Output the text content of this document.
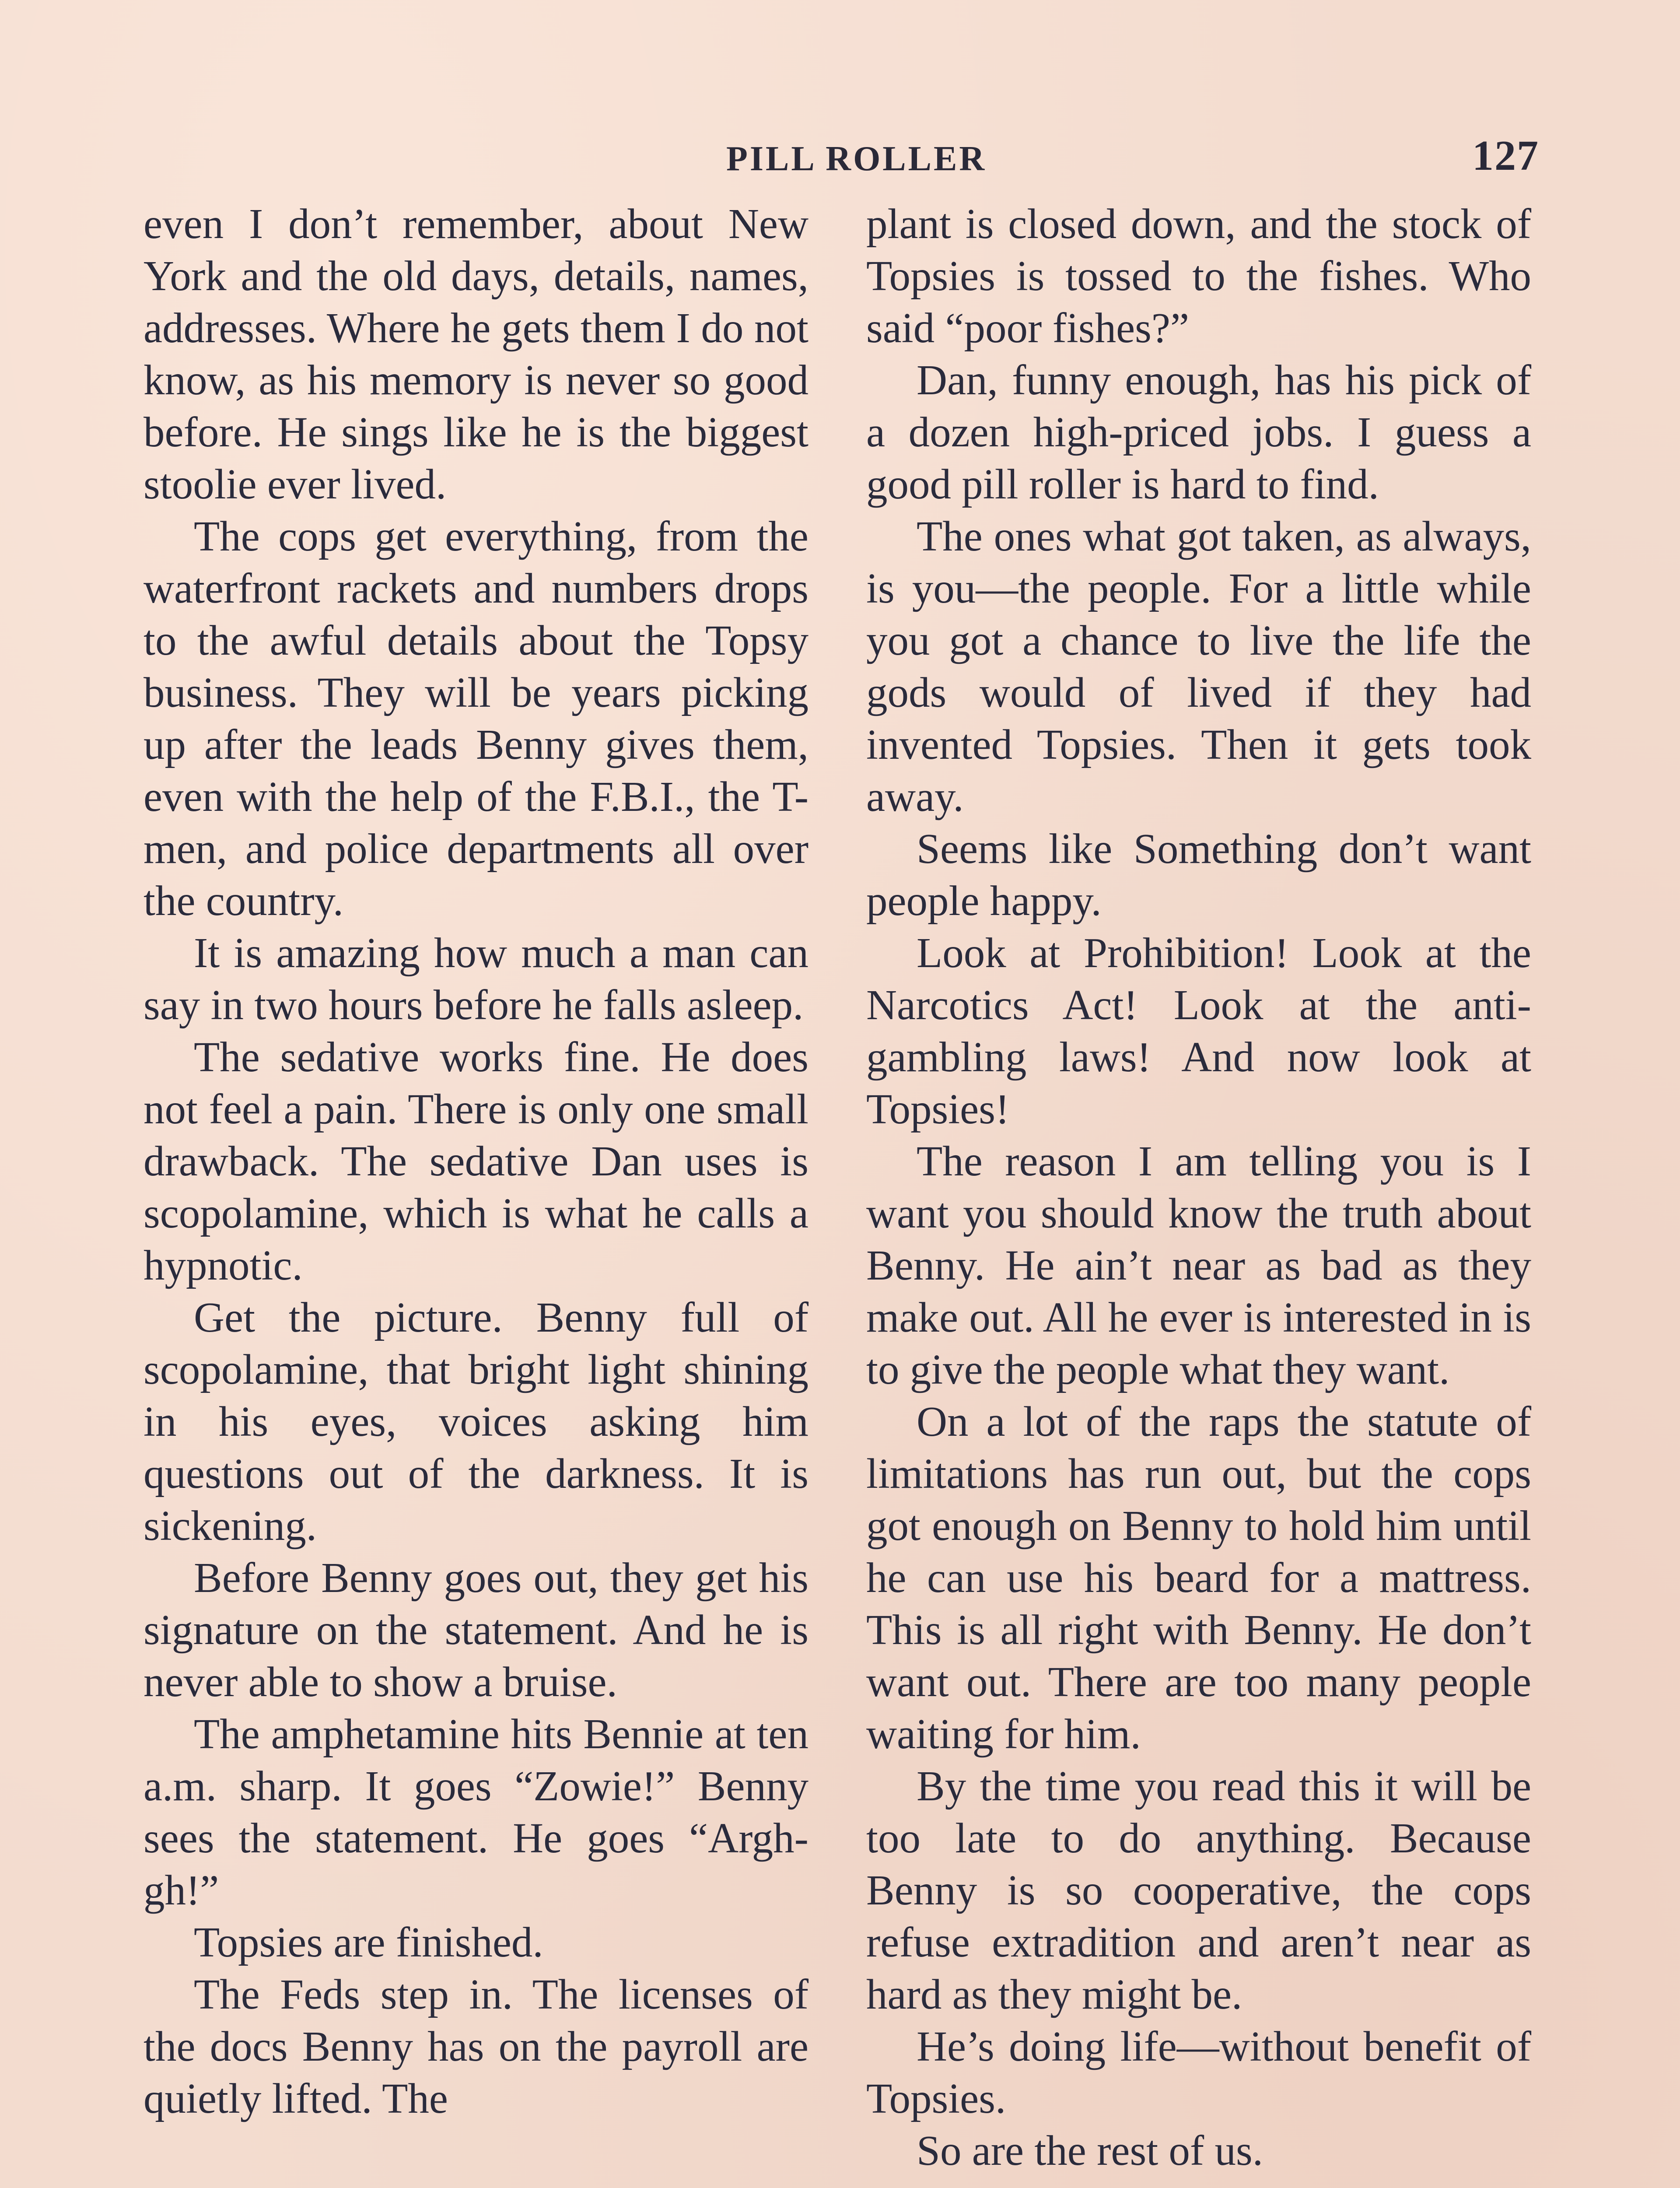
PILL ROLLER	127

even I don’t remember, about New York and the old days, details, names, addresses. Where he gets them I do not know, as his memory is never so good before. He sings like he is the biggest stoolie ever lived.

The cops get everything, from the waterfront rackets and numbers drops to the awful details about the Topsy business. They will be years picking up after the leads Benny gives them, even with the help of the F.B.I., the T-men, and police departments all over the country.

It is amazing how much a man can say in two hours before he falls asleep.

The sedative works fine. He does not feel a pain. There is only one small drawback. The sedative Dan uses is scopolamine, which is what he calls a hypnotic.

Get the picture. Benny full of scopolamine, that bright light shining in his eyes, voices asking him questions out of the darkness. It is sickening.

Before Benny goes out, they get his signature on the statement. And he is never able to show a bruise.

The amphetamine hits Bennie at ten a.m. sharp. It goes “Zowie!” Benny sees the statement. He goes “Argh-gh!”

Topsies are finished.

The Feds step in. The licenses of the docs Benny has on the payroll are quietly lifted. The

plant is closed down, and the stock of Topsies is tossed to the fishes. Who said “poor fishes?”

Dan, funny enough, has his pick of a dozen high-priced jobs. I guess a good pill roller is hard to find.

The ones what got taken, as always, is you—the people. For a little while you got a chance to live the life the gods would of lived if they had invented Topsies. Then it gets took away.

Seems like Something don’t want people happy.

Look at Prohibition! Look at the Narcotics Act! Look at the anti-gambling laws! And now look at Topsies!

The reason I am telling you is I want you should know the truth about Benny. He ain’t near as bad as they make out. All he ever is interested in is to give the people what they want.

On a lot of the raps the statute of limitations has run out, but the cops got enough on Benny to hold him until he can use his beard for a mattress. This is all right with Benny. He don’t want out. There are too many people waiting for him.

By the time you read this it will be too late to do anything. Because Benny is so cooperative, the cops refuse extradition and aren’t near as hard as they might be.

He’s doing life—without benefit of Topsies.

So are the rest of us.
